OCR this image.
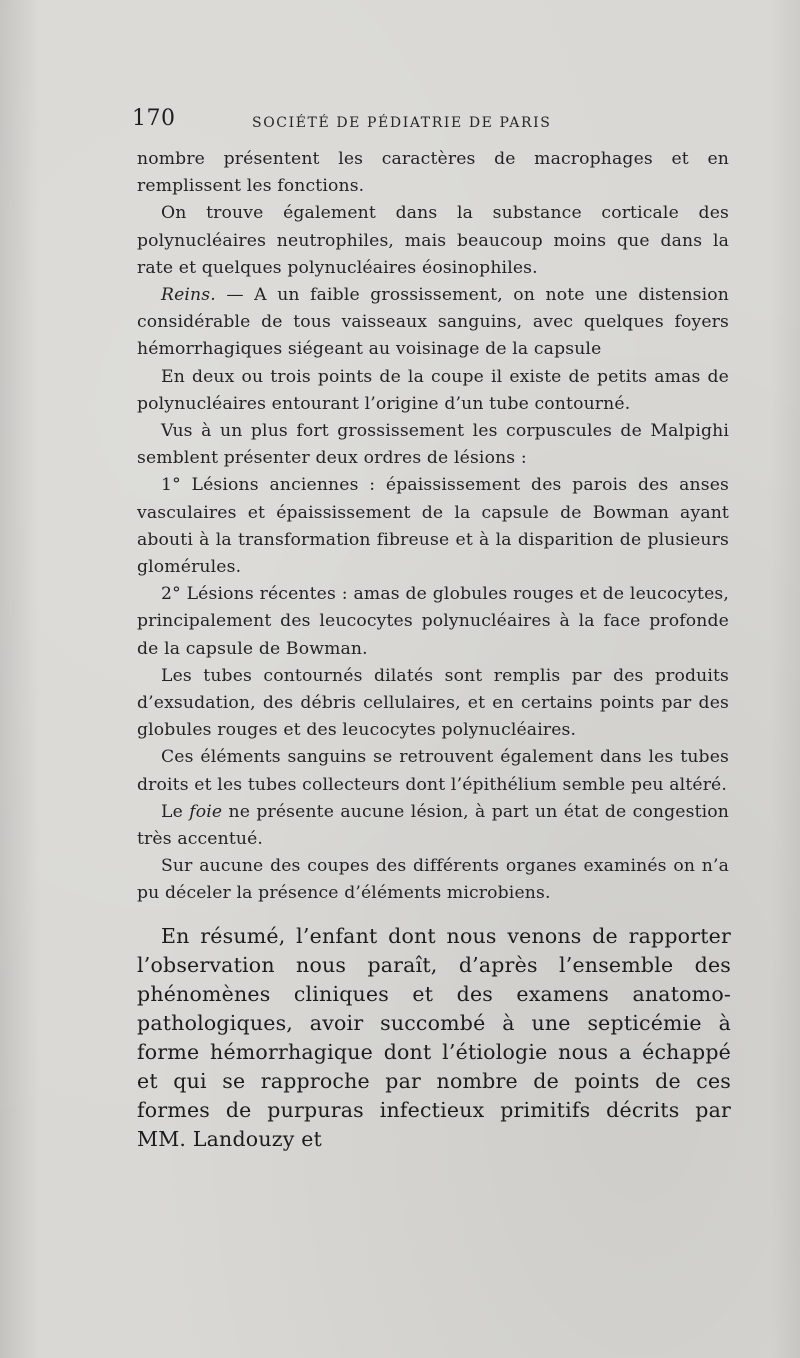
170	SOCIÉTÉ DE PÉDIATRIE DE PARIS

nombre présentent les caractères de macrophages et en remplissent les fonctions.

On trouve également dans la substance corticale des polynucléaires neutrophiles, mais beaucoup moins que dans la rate et quelques polynucléaires éosinophiles.

Reins. — A un faible grossissement, on note une distension considérable de tous vaisseaux sanguins, avec quelques foyers hémorrhagiques siégeant au voisinage de la capsule

En deux ou trois points de la coupe il existe de petits amas de polynucléaires entourant l’origine d’un tube contourné.

Vus à un plus fort grossissement les corpuscules de Malpighi semblent présenter deux ordres de lésions :

1° Lésions anciennes : épaississement des parois des anses vasculaires et épaississement de la capsule de Bowman ayant abouti à la transformation fibreuse et à la disparition de plusieurs glomérules.

2° Lésions récentes : amas de globules rouges et de leucocytes, principalement des leucocytes polynucléaires à la face profonde de la capsule de Bowman.

Les tubes contournés dilatés sont remplis par des produits d’exsudation, des débris cellulaires, et en certains points par des globules rouges et des leucocytes polynucléaires.

Ces éléments sanguins se retrouvent également dans les tubes droits et les tubes collecteurs dont l’épithélium semble peu altéré.

Le foie ne présente aucune lésion, à part un état de congestion très accentué.

Sur aucune des coupes des différents organes examinés on n’a pu déceler la présence d’éléments microbiens.

En résumé, l’enfant dont nous venons de rapporter l’observation nous paraît, d’après l’ensemble des phénomènes cliniques et des examens anatomo-pathologiques, avoir succombé à une septicémie à forme hémorrhagique dont l’étiologie nous a échappé et qui se rapproche par nombre de points de ces formes de purpuras infectieux primitifs décrits par MM. Landouzy et
